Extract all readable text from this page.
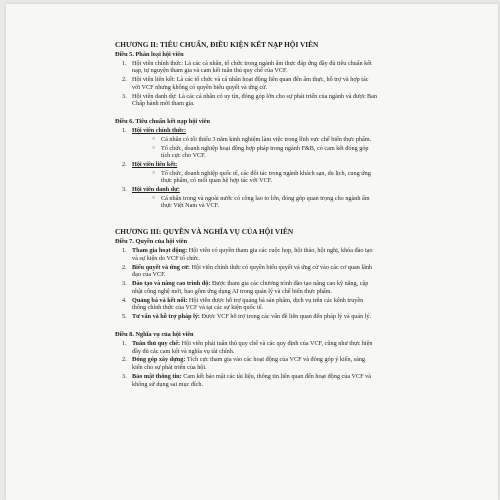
CHƯƠNG II: TIÊU CHUẨN, ĐIỀU KIỆN KẾT NẠP HỘI VIÊN
Điều 5. Phân loại hội viên
1. Hội viên chính thức: Là các cá nhân, tổ chức trong ngành ẩm thực đáp ứng đầy đủ tiêu chuẩn kết nạp, tự nguyện tham gia và cam kết tuân thủ quy chế của VCF.
2. Hội viên liên kết: Là các tổ chức và cá nhân hoạt động liên quan đến ẩm thực, hỗ trợ và hợp tác với VCF nhưng không có quyền biểu quyết và ứng cử.
3. Hội viên danh dự: Là các cá nhân có uy tín, đóng góp lớn cho sự phát triển của ngành và được Ban Chấp hành mời tham gia.
Điều 6. Tiêu chuẩn kết nạp hội viên
1. Hội viên chính thức:
○ Cá nhân có tối thiểu 3 năm kinh nghiệm làm việc trong lĩnh vực chế biến thực phẩm.
○ Tổ chức, doanh nghiệp hoạt động hợp pháp trong ngành F&B, có cam kết đóng góp tích cực cho VCF.
2. Hội viên liên kết:
○ Tổ chức, doanh nghiệp quốc tế, các đối tác trong ngành khách sạn, du lịch, cung ứng thực phẩm, có mối quan hệ hợp tác với VCF.
3. Hội viên danh dự:
○ Cá nhân trong và ngoài nước có công lao to lớn, đóng góp quan trọng cho ngành ẩm thực Việt Nam và VCF.
CHƯƠNG III: QUYỀN VÀ NGHĨA VỤ CỦA HỘI VIÊN
Điều 7. Quyền của hội viên
1. Tham gia hoạt động: Hội viên có quyền tham gia các cuộc họp, hội thảo, hội nghị, khóa đào tạo và sự kiện do VCF tổ chức.
2. Biểu quyết và ứng cử: Hội viên chính thức có quyền biểu quyết và ứng cử vào các cơ quan lãnh đạo của VCF.
3. Đào tạo và nâng cao trình độ: Được tham gia các chương trình đào tạo nâng cao kỹ năng, cập nhật công nghệ mới, bao gồm ứng dụng AI trong quản lý và chế biến thực phẩm.
4. Quảng bá và kết nối: Hội viên được hỗ trợ quảng bá sản phẩm, dịch vụ trên các kênh truyền thông chính thức của VCF và tại các sự kiện quốc tế.
5. Tư vấn và hỗ trợ pháp lý: Được VCF hỗ trợ trong các vấn đề liên quan đến pháp lý và quản lý.
Điều 8. Nghĩa vụ của hội viên
1. Tuân thủ quy chế: Hội viên phải tuân thủ quy chế và các quy định của VCF, cũng như thực hiện đầy đủ các cam kết và nghĩa vụ tài chính.
2. Đóng góp xây dựng: Tích cực tham gia vào các hoạt động của VCF và đóng góp ý kiến, sáng kiến cho sự phát triển của hội.
3. Bảo mật thông tin: Cam kết bảo mật các tài liệu, thông tin liên quan đến hoạt động của VCF và không sử dụng sai mục đích.
